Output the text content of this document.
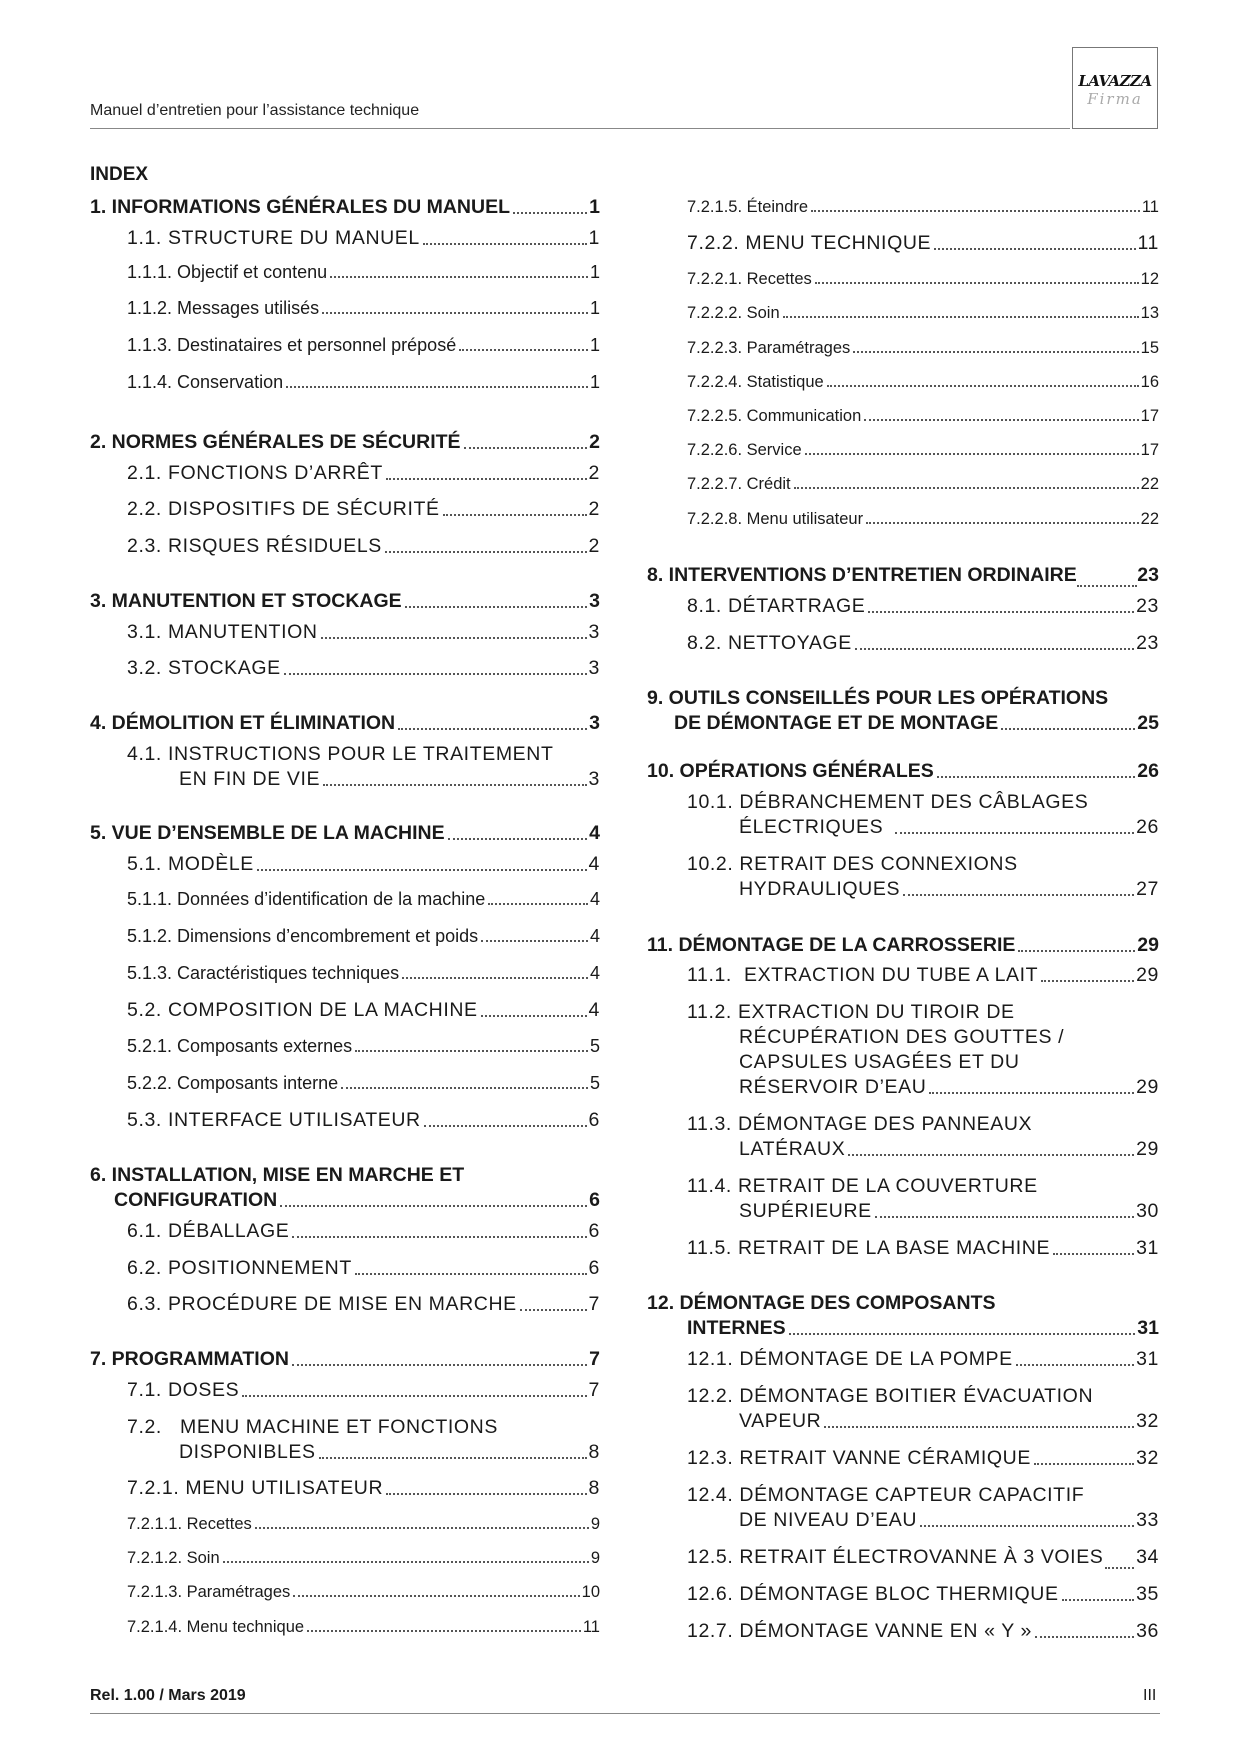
Manuel d’entretien pour l’assistance technique
LAVAZZA
Firma
INDEX
1. INFORMATIONS GÉNÉRALES DU MANUEL	1
1.1. STRUCTURE DU MANUEL	1
1.1.1. Objectif et contenu	1
1.1.2. Messages utilisés	1
1.1.3. Destinataires et personnel préposé	1
1.1.4. Conservation	1
2. NORMES GÉNÉRALES DE SÉCURITÉ	2
2.1. FONCTIONS D’ARRÊT	2
2.2. DISPOSITIFS DE SÉCURITÉ	2
2.3. RISQUES RÉSIDUELS	2
3. MANUTENTION ET STOCKAGE	3
3.1. MANUTENTION	3
3.2. STOCKAGE	3
4. DÉMOLITION ET ÉLIMINATION	3
4.1. INSTRUCTIONS POUR LE TRAITEMENT
EN FIN DE VIE	3
5. VUE D’ENSEMBLE DE LA MACHINE	4
5.1. MODÈLE	4
5.1.1. Données d’identification de la machine	4
5.1.2. Dimensions d’encombrement et poids	4
5.1.3. Caractéristiques techniques	4
5.2. COMPOSITION DE LA MACHINE	4
5.2.1. Composants externes	5
5.2.2. Composants interne	5
5.3. INTERFACE UTILISATEUR	6
6. INSTALLATION, MISE EN MARCHE ET
CONFIGURATION	6
6.1. DÉBALLAGE	6
6.2. POSITIONNEMENT	6
6.3. PROCÉDURE DE MISE EN MARCHE	7
7. PROGRAMMATION	7
7.1. DOSES	7
7.2.   MENU MACHINE ET FONCTIONS
DISPONIBLES	8
7.2.1. MENU UTILISATEUR	8
7.2.1.1. Recettes	9
7.2.1.2. Soin	9
7.2.1.3. Paramétrages	10
7.2.1.4. Menu technique	11
7.2.1.5. Éteindre	11
7.2.2. MENU TECHNIQUE	11
7.2.2.1. Recettes	12
7.2.2.2. Soin	13
7.2.2.3. Paramétrages	15
7.2.2.4. Statistique	16
7.2.2.5. Communication	17
7.2.2.6. Service	17
7.2.2.7. Crédit	22
7.2.2.8. Menu utilisateur	22
8. INTERVENTIONS D’ENTRETIEN ORDINAIRE	23
8.1. DÉTARTRAGE	23
8.2. NETTOYAGE	23
9. OUTILS CONSEILLÉS POUR LES OPÉRATIONS
DE DÉMONTAGE ET DE MONTAGE	25
10. OPÉRATIONS GÉNÉRALES	26
10.1. DÉBRANCHEMENT DES CÂBLAGES
ÉLECTRIQUES	26
10.2. RETRAIT DES CONNEXIONS
HYDRAULIQUES	27
11. DÉMONTAGE DE LA CARROSSERIE	29
11.1.  EXTRACTION DU TUBE A LAIT	29
11.2. EXTRACTION DU TIROIR DE
RÉCUPÉRATION DES GOUTTES /
CAPSULES USAGÉES ET DU
RÉSERVOIR D’EAU	29
11.3. DÉMONTAGE DES PANNEAUX
LATÉRAUX	29
11.4. RETRAIT DE LA COUVERTURE
SUPÉRIEURE	30
11.5. RETRAIT DE LA BASE MACHINE	31
12. DÉMONTAGE DES COMPOSANTS
INTERNES	31
12.1. DÉMONTAGE DE LA POMPE	31
12.2. DÉMONTAGE BOITIER ÉVACUATION
VAPEUR	32
12.3. RETRAIT VANNE CÉRAMIQUE	32
12.4. DÉMONTAGE CAPTEUR CAPACITIF
DE NIVEAU D’EAU	33
12.5. RETRAIT ÉLECTROVANNE À 3 VOIES 34
12.6. DÉMONTAGE BLOC THERMIQUE	35
12.7. DÉMONTAGE VANNE EN « Y »	36
Rel. 1.00 / Mars 2019	III
